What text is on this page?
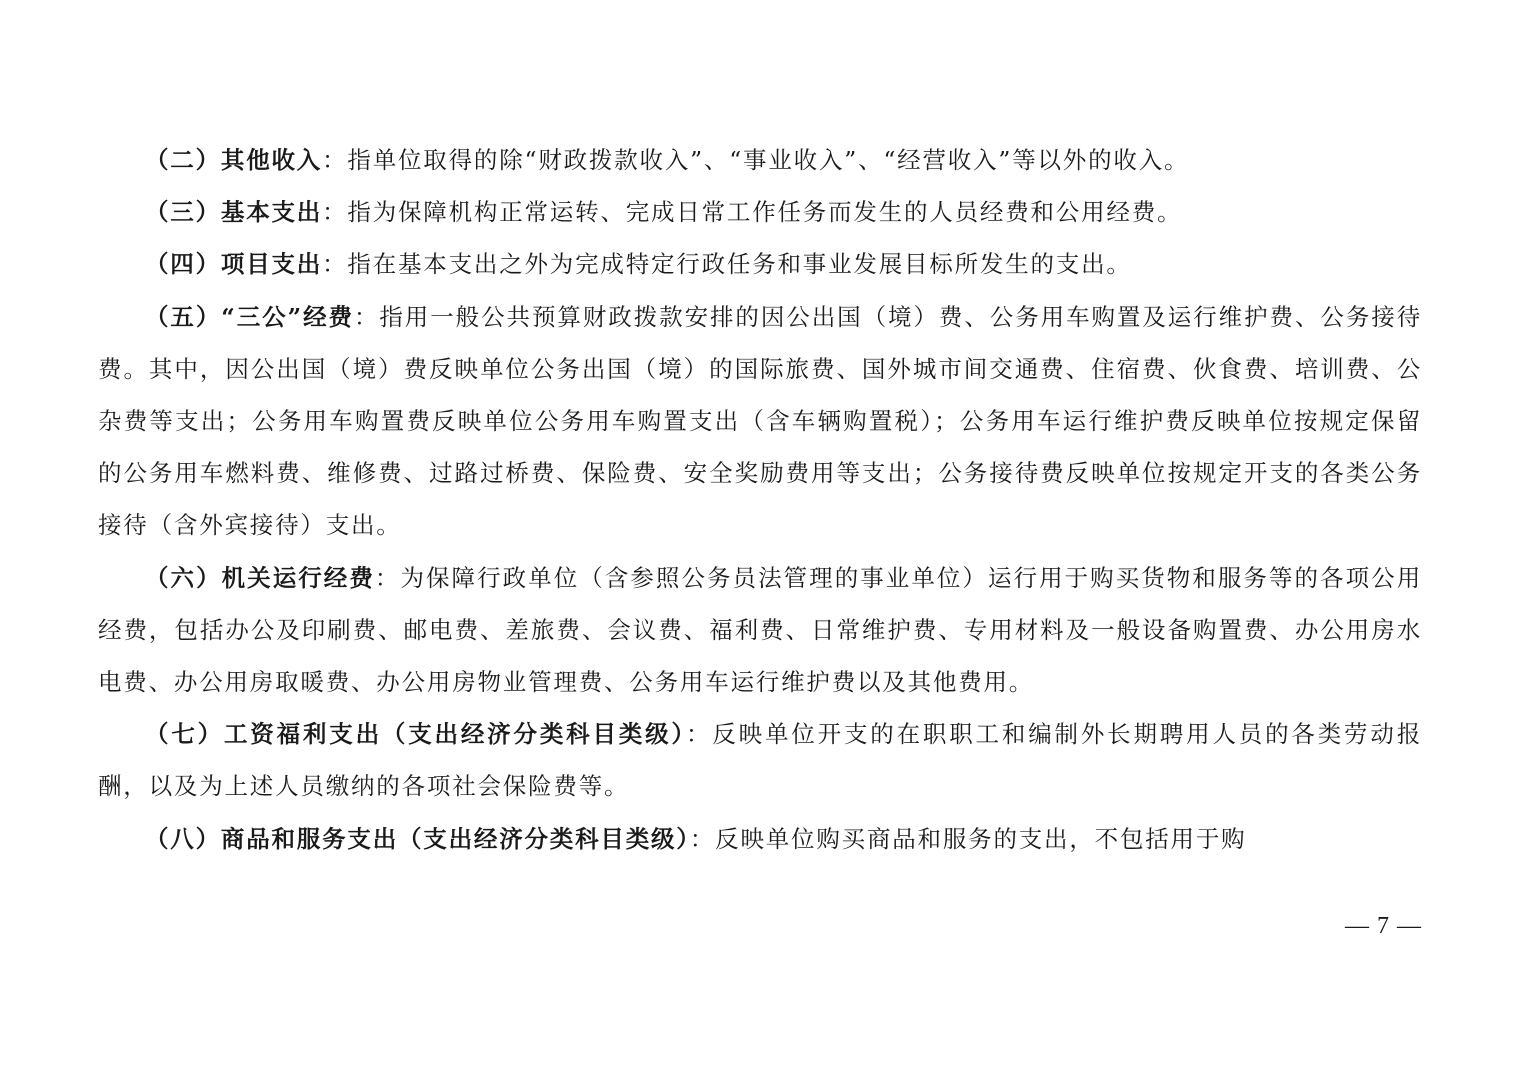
（二）其他收入：指单位取得的除“财政拨款收入”、“事业收入”、“经营收入”等以外的收入。

（三）基本支出：指为保障机构正常运转、完成日常工作任务而发生的人员经费和公用经费。

（四）项目支出：指在基本支出之外为完成特定行政任务和事业发展目标所发生的支出。

（五）“三公”经费：指用一般公共预算财政拨款安排的因公出国（境）费、公务用车购置及运行维护费、公务接待费。其中，因公出国（境）费反映单位公务出国（境）的国际旅费、国外城市间交通费、住宿费、伙食费、培训费、公杂费等支出；公务用车购置费反映单位公务用车购置支出（含车辆购置税）；公务用车运行维护费反映单位按规定保留的公务用车燃料费、维修费、过路过桥费、保险费、安全奖励费用等支出；公务接待费反映单位按规定开支的各类公务接待（含外宾接待）支出。

（六）机关运行经费：为保障行政单位（含参照公务员法管理的事业单位）运行用于购买货物和服务等的各项公用经费，包括办公及印刷费、邮电费、差旅费、会议费、福利费、日常维护费、专用材料及一般设备购置费、办公用房水电费、办公用房取暖费、办公用房物业管理费、公务用车运行维护费以及其他费用。

（七）工资福利支出（支出经济分类科目类级）：反映单位开支的在职职工和编制外长期聘用人员的各类劳动报酬，以及为上述人员缴纳的各项社会保险费等。

（八）商品和服务支出（支出经济分类科目类级）：反映单位购买商品和服务的支出，不包括用于购

— 7 —
